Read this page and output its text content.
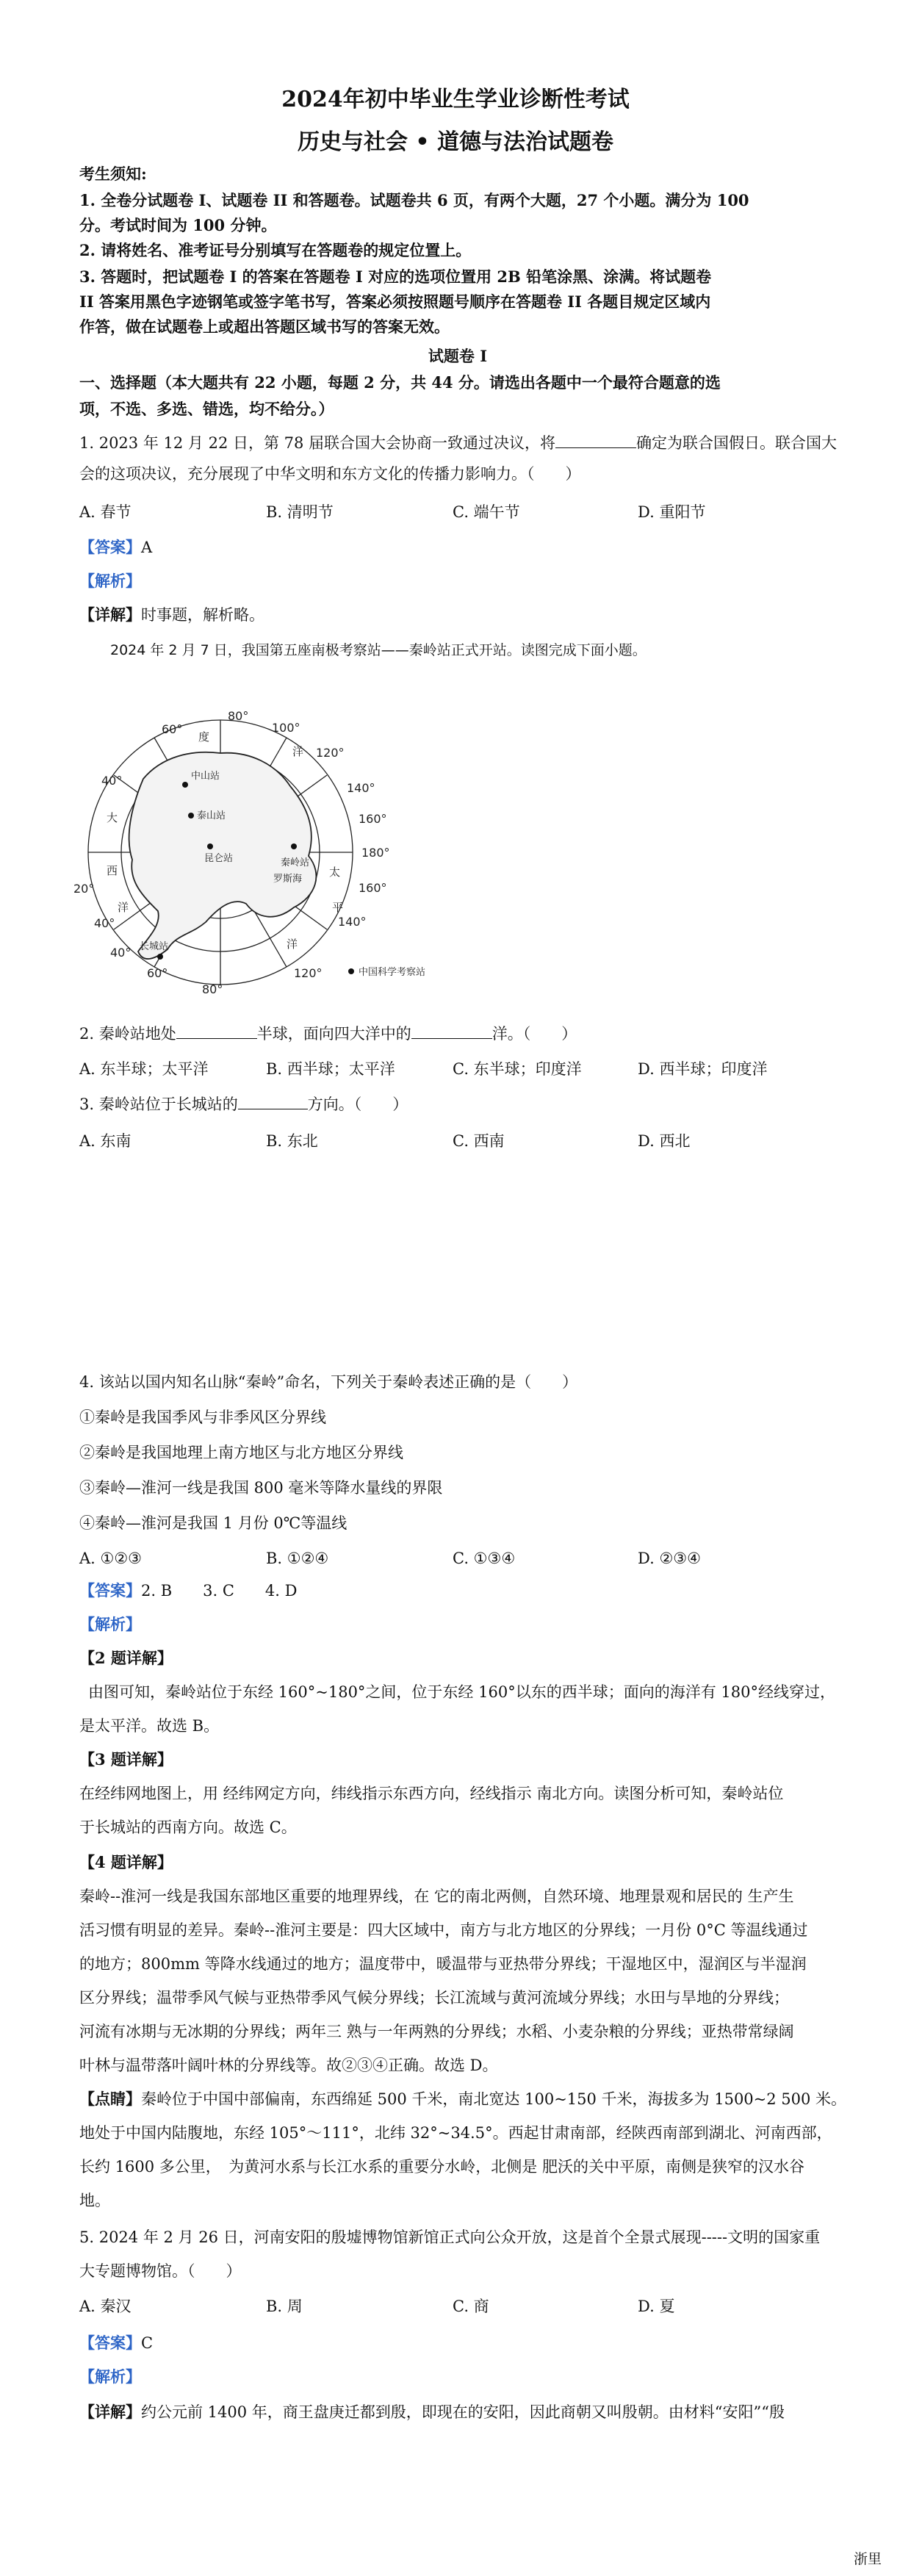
2024年初中毕业生学业诊断性考试
历史与社会 • 道德与法治试题卷
考生须知:
1. 全卷分试题卷 I、试题卷 II 和答题卷。试题卷共 6 页，有两个大题，27 个小题。满分为 100
分。考试时间为 100 分钟。
2. 请将姓名、准考证号分别填写在答题卷的规定位置上。
3. 答题时，把试题卷 I 的答案在答题卷 I 对应的选项位置用 2B 铅笔涂黑、涂满。将试题卷
II 答案用黑色字迹钢笔或签字笔书写，答案必须按照题号顺序在答题卷 II 各题目规定区域内
作答，做在试题卷上或超出答题区域书写的答案无效。
试题卷 I
一、选择题（本大题共有 22 小题，每题 2 分，共 44 分。请选出各题中一个最符合题意的选
项，不选、多选、错选，均不给分。）
1. 2023 年 12 月 22 日，第 78 届联合国大会协商一致通过决议，将	确定为联合国假日。联合国大
会的这项决议，充分展现了中华文明和东方文化的传播力影响力。（　　）
A. 春节	B. 清明节	C. 端午节	D. 重阳节
【答案】A
【解析】
【详解】时事题，解析略。
2024 年 2 月 7 日，我国第五座南极考察站——秦岭站正式开站。读图完成下面小题。
60°
80°
100°
120°
140°
160°
180°
160°
140°
120°
60°
80°
40°
40°
40°
20°
度
洋
大
西	太
平
洋
洋
中山站
泰山站
昆仑站	秦岭站
罗斯海
长城站
中国科学考察站
2. 秦岭站地处	半球，面向四大洋中的	洋。（　　）
A. 东半球；太平洋	B. 西半球；太平洋	C. 东半球；印度洋	D. 西半球；印度洋
3. 秦岭站位于长城站的	方向。（　　）
A. 东南	B. 东北	C. 西南	D. 西北
4. 该站以国内知名山脉“秦岭”命名，下列关于秦岭表述正确的是（　　）
①秦岭是我国季风与非季风区分界线
②秦岭是我国地理上南方地区与北方地区分界线
③秦岭—淮河一线是我国 800 毫米等降水量线的界限
④秦岭—淮河是我国 1 月份 0℃等温线
A. ①②③	B. ①②④	C. ①③④	D. ②③④
【答案】2. B　　3. C　　4. D
【解析】
【2 题详解】
由图可知，秦岭站位于东经 160°~180°之间，位于东经 160°以东的西半球；面向的海洋有 180°经线穿过，
是太平洋。故选 B。
【3 题详解】
在经纬网地图上，用 经纬网定方向，纬线指示东西方向，经线指示 南北方向。读图分析可知，秦岭站位
于长城站的西南方向。故选 C。
【4 题详解】
秦岭--淮河一线是我国东部地区重要的地理界线，在 它的南北两侧，自然环境、地理景观和居民的 生产生
活习惯有明显的差异。秦岭--淮河主要是：四大区域中，南方与北方地区的分界线；一月份 0°C 等温线通过
的地方；800mm 等降水线通过的地方；温度带中，暖温带与亚热带分界线；干湿地区中，湿润区与半湿润
区分界线；温带季风气候与亚热带季风气候分界线；长江流域与黄河流域分界线；水田与旱地的分界线；
河流有冰期与无冰期的分界线；两年三 熟与一年两熟的分界线；水稻、小麦杂粮的分界线；亚热带常绿阔
叶林与温带落叶阔叶林的分界线等。故②③④正确。故选 D。
【点睛】秦岭位于中国中部偏南，东西绵延 500 千米，南北宽达 100~150 千米，海拔多为 1500~2 500 米。
地处于中国内陆腹地，东经 105°～111°，北纬 32°~34.5°。西起甘肃南部，经陕西南部到湖北、河南西部，
长约 1600 多公里，　为黄河水系与长江水系的重要分水岭，北侧是 肥沃的关中平原，南侧是狭窄的汉水谷
地。
5. 2024 年 2 月 26 日，河南安阳的殷墟博物馆新馆正式向公众开放，这是首个全景式展现-----文明的国家重
大专题博物馆。（　　）
A. 秦汉	B. 周	C. 商	D. 夏
【答案】C
【解析】
【详解】约公元前 1400 年，商王盘庚迁都到殷，即现在的安阳，因此商朝又叫殷朝。由材料“安阳”“殷
浙里
